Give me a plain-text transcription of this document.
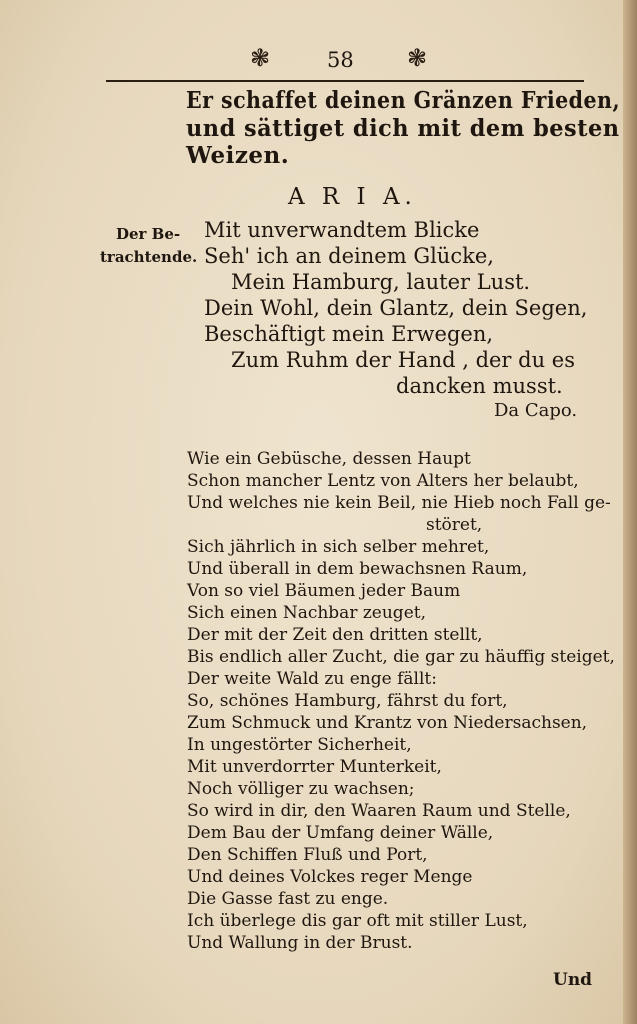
❃	58 ❃
Er schaffet deinen Gränzen Frieden,
und sättiget dich mit dem besten
Weizen.
A R I A.
Der Be-
trachtende.
Mit unverwandtem Blicke
Seh' ich an deinem Glücke,
Mein Hamburg, lauter Lust.
Dein Wohl, dein Glantz, dein Segen,
Beschäftigt mein Erwegen,
Zum Ruhm der Hand , der du es
dancken musst.
Da Capo.
Wie ein Gebüsche, dessen Haupt
Schon mancher Lentz von Alters her belaubt,
Und welches nie kein Beil, nie Hieb noch Fall ge-
störet,
Sich jährlich in sich selber mehret,
Und überall in dem bewachsnen Raum,
Von so viel Bäumen jeder Baum
Sich einen Nachbar zeuget,
Der mit der Zeit den dritten stellt,
Bis endlich aller Zucht, die gar zu häuffig steiget,
Der weite Wald zu enge fällt:
So, schönes Hamburg, fährst du fort,
Zum Schmuck und Krantz von Niedersachsen,
In ungestörter Sicherheit,
Mit unverdorrter Munterkeit,
Noch völliger zu wachsen;
So wird in dir, den Waaren Raum und Stelle,
Dem Bau der Umfang deiner Wälle,
Den Schiffen Fluß und Port,
Und deines Volckes reger Menge
Die Gasse fast zu enge.
Ich überlege dis gar oft mit stiller Lust,
Und Wallung in der Brust.
Und
